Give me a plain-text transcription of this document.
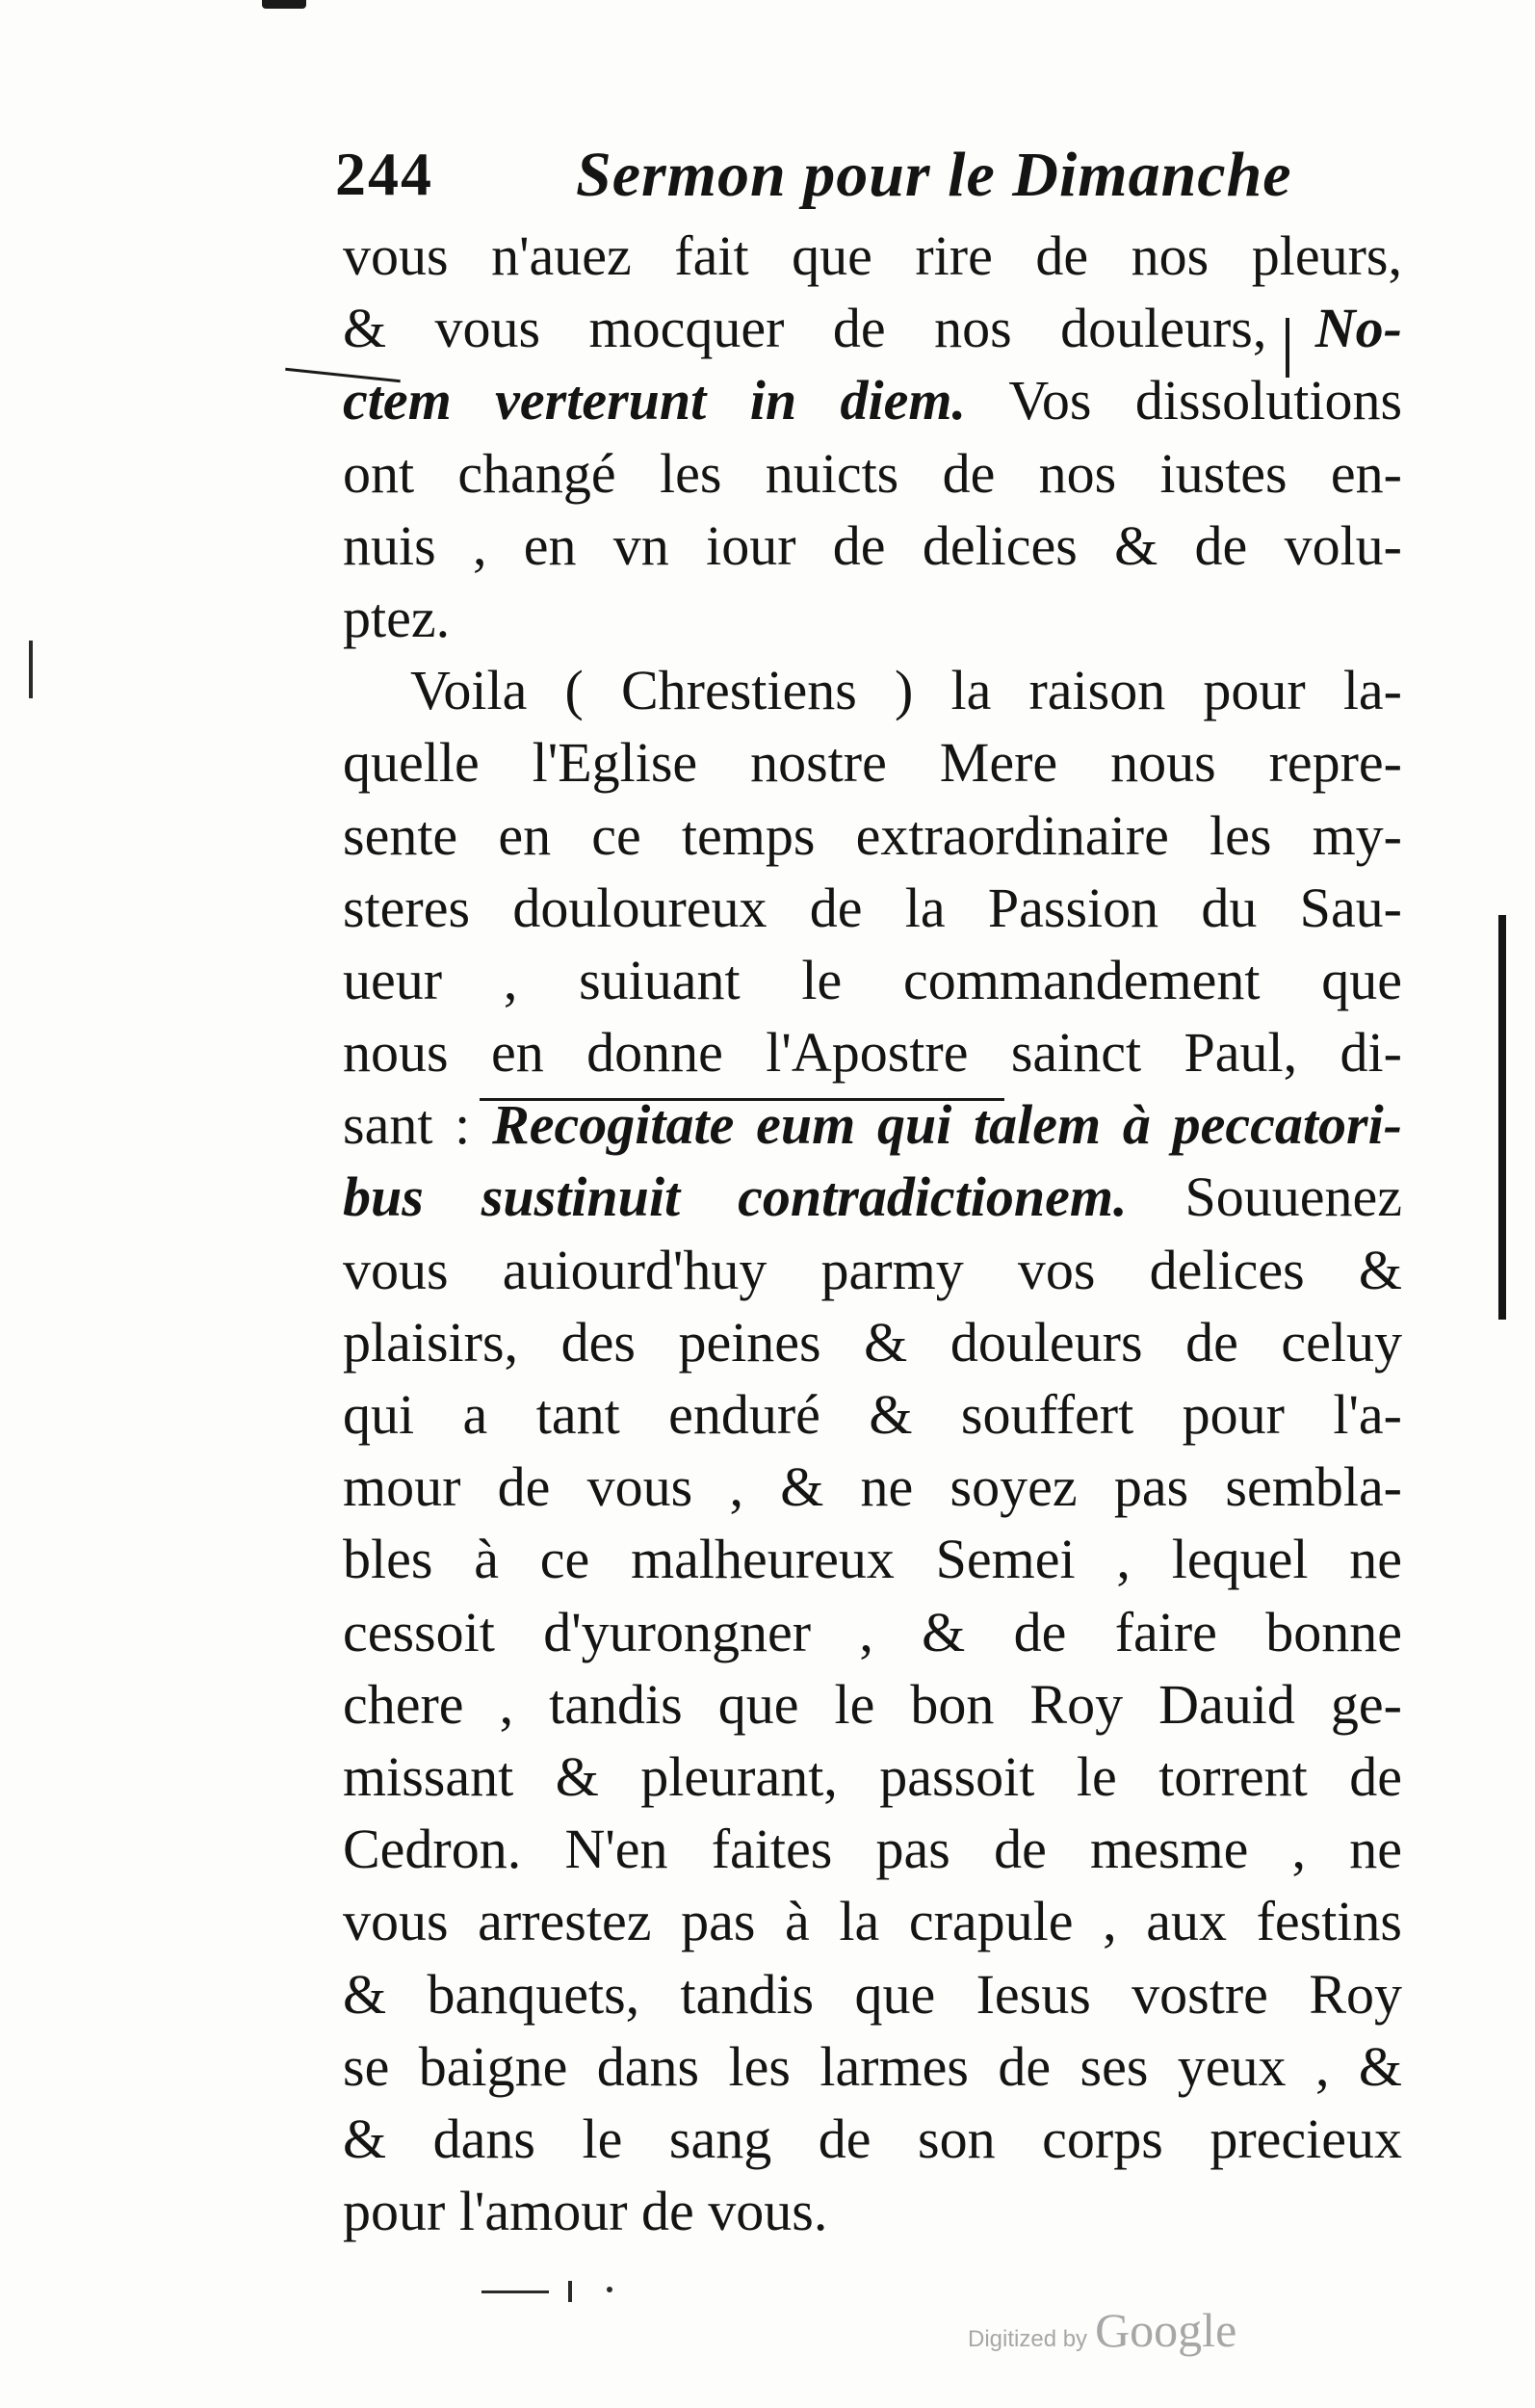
244 Sermon pour le Dimanche
vous n'auez fait que rire de nos pleurs,
& vous mocquer de nos douleurs, No-
ctem verterunt in diem. Vos dissolutions
ont changé les nuicts de nos iustes en-
nuis , en vn iour de delices & de volu-
ptez.
Voila ( Chrestiens ) la raison pour la-
quelle l'Eglise nostre Mere nous repre-
sente en ce temps extraordinaire les my-
steres douloureux de la Passion du Sau-
ueur , suiuant le commandement que
nous en donne l'Apostre sainct Paul, di-
sant : Recogitate eum qui talem à peccatori-
bus sustinuit contradictionem. Souuenez
vous auiourd'huy parmy vos delices &
plaisirs, des peines & douleurs de celuy
qui a tant enduré & souffert pour l'a-
mour de vous , & ne soyez pas sembla-
bles à ce malheureux Semei , lequel ne
cessoit d'yurongner , & de faire bonne
chere , tandis que le bon Roy Dauid ge-
missant & pleurant, passoit le torrent de
Cedron. N'en faites pas de mesme , ne
vous arrestez pas à la crapule , aux festins
& banquets, tandis que Iesus vostre Roy
se baigne dans les larmes de ses yeux , &
& dans le sang de son corps precieux
pour l'amour de vous.
Digitized by Google
